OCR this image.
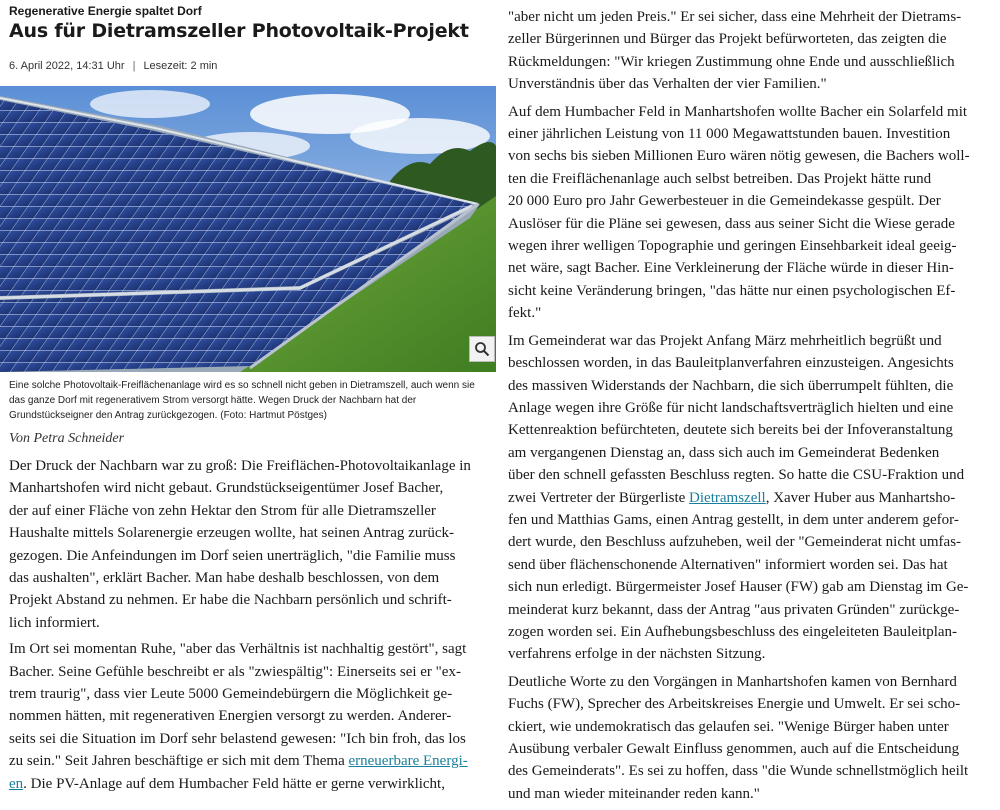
Regenerative Energie spaltet Dorf
Aus für Dietramszeller Photovoltaik-Projekt
6. April 2022, 14:31 Uhr | Lesezeit: 2 min

Eine solche Photovoltaik-Freiflächenanlage wird es so schnell nicht geben in Dietramszell, auch wenn sie
das ganze Dorf mit regenerativem Strom versorgt hätte. Wegen Druck der Nachbarn hat der
Grundstückseigner den Antrag zurückgezogen. (Foto: Hartmut Pöstges)

Von Petra Schneider

Der Druck der Nachbarn war zu groß: Die Freiflächen-Photovoltaikanlage in
Manhartshofen wird nicht gebaut. Grundstückseigentümer Josef Bacher,
der auf einer Fläche von zehn Hektar den Strom für alle Dietramszeller
Haushalte mittels Solarenergie erzeugen wollte, hat seinen Antrag zurück-
gezogen. Die Anfeindungen im Dorf seien unerträglich, "die Familie muss
das aushalten", erklärt Bacher. Man habe deshalb beschlossen, von dem
Projekt Abstand zu nehmen. Er habe die Nachbarn persönlich und schrift-
lich informiert.

Im Ort sei momentan Ruhe, "aber das Verhältnis ist nachhaltig gestört", sagt
Bacher. Seine Gefühle beschreibt er als "zwiespältig": Einerseits sei er "ex-
trem traurig", dass vier Leute 5000 Gemeindebürgern die Möglichkeit ge-
nommen hätten, mit regenerativen Energien versorgt zu werden. Anderer-
seits sei die Situation im Dorf sehr belastend gewesen: "Ich bin froh, das los
zu sein." Seit Jahren beschäftige er sich mit dem Thema erneuerbare Energi-
en. Die PV-Anlage auf dem Humbacher Feld hätte er gerne verwirklicht,

"aber nicht um jeden Preis." Er sei sicher, dass eine Mehrheit der Dietrams-
zeller Bürgerinnen und Bürger das Projekt befürworteten, das zeigten die
Rückmeldungen: "Wir kriegen Zustimmung ohne Ende und ausschließlich
Unverständnis über das Verhalten der vier Familien."

Auf dem Humbacher Feld in Manhartshofen wollte Bacher ein Solarfeld mit
einer jährlichen Leistung von 11 000 Megawattstunden bauen. Investition
von sechs bis sieben Millionen Euro wären nötig gewesen, die Bachers woll-
ten die Freiflächenanlage auch selbst betreiben. Das Projekt hätte rund
20 000 Euro pro Jahr Gewerbesteuer in die Gemeindekasse gespült. Der
Auslöser für die Pläne sei gewesen, dass aus seiner Sicht die Wiese gerade
wegen ihrer welligen Topographie und geringen Einsehbarkeit ideal geeig-
net wäre, sagt Bacher. Eine Verkleinerung der Fläche würde in dieser Hin-
sicht keine Veränderung bringen, "das hätte nur einen psychologischen Ef-
fekt."

Im Gemeinderat war das Projekt Anfang März mehrheitlich begrüßt und
beschlossen worden, in das Bauleitplanverfahren einzusteigen. Angesichts
des massiven Widerstands der Nachbarn, die sich überrumpelt fühlten, die
Anlage wegen ihre Größe für nicht landschaftsverträglich hielten und eine
Kettenreaktion befürchteten, deutete sich bereits bei der Infoveranstaltung
am vergangenen Dienstag an, dass sich auch im Gemeinderat Bedenken
über den schnell gefassten Beschluss regten. So hatte die CSU-Fraktion und
zwei Vertreter der Bürgerliste Dietramszell, Xaver Huber aus Manhartsho-
fen und Matthias Gams, einen Antrag gestellt, in dem unter anderem gefor-
dert wurde, den Beschluss aufzuheben, weil der "Gemeinderat nicht umfas-
send über flächenschonende Alternativen" informiert worden sei. Das hat
sich nun erledigt. Bürgermeister Josef Hauser (FW) gab am Dienstag im Ge-
meinderat kurz bekannt, dass der Antrag "aus privaten Gründen" zurückge-
zogen worden sei. Ein Aufhebungsbeschluss des eingeleiteten Bauleitplan-
verfahrens erfolge in der nächsten Sitzung.

Deutliche Worte zu den Vorgängen in Manhartshofen kamen von Bernhard
Fuchs (FW), Sprecher des Arbeitskreises Energie und Umwelt. Er sei scho-
ckiert, wie undemokratisch das gelaufen sei. "Wenige Bürger haben unter
Ausübung verbaler Gewalt Einfluss genommen, auch auf die Entscheidung
des Gemeinderats". Es sei zu hoffen, dass "die Wunde schnellstmöglich heilt
und man wieder miteinander reden kann."
